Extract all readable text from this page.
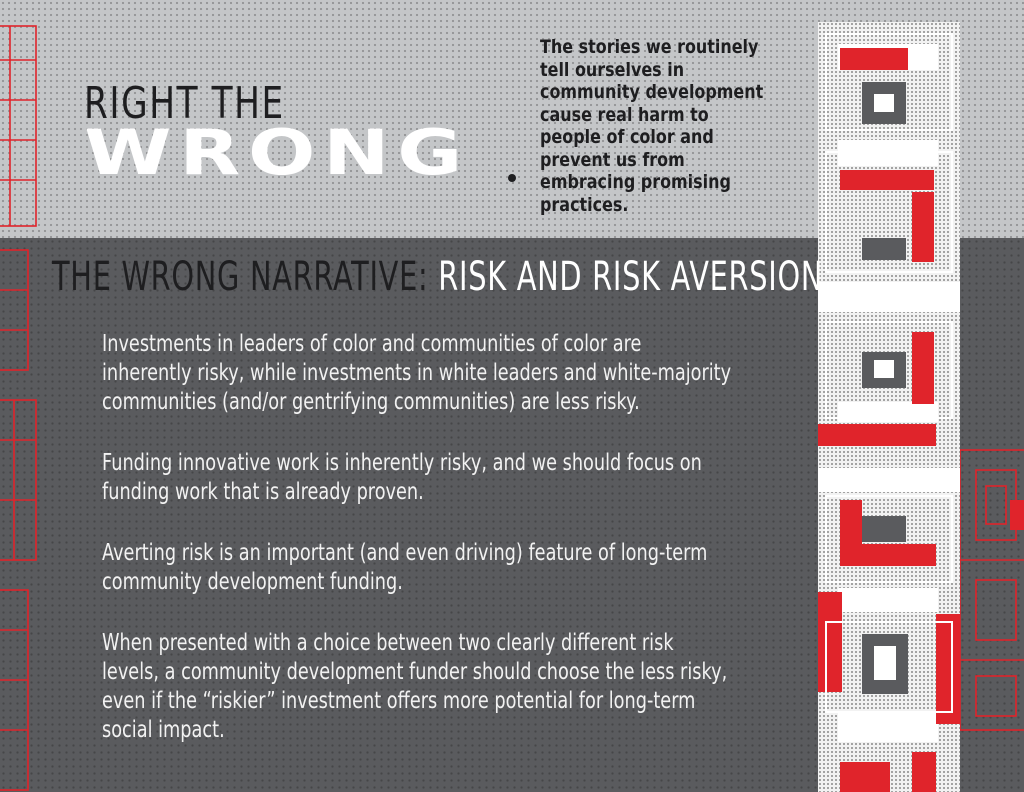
RIGHT THE
WRONG

The stories we routinely tell ourselves in community development cause real harm to people of color and prevent us from embracing promising practices.

THE WRONG NARRATIVE: RISK AND RISK AVERSION
Investments in leaders of color and communities of color are inherently risky, while investments in white leaders and white-majority communities (and/or gentrifying communities) are less risky.
Funding innovative work is inherently risky, and we should focus on funding work that is already proven.
Averting risk is an important (and even driving) feature of long-term community development funding.
When presented with a choice between two clearly different risk levels, a community development funder should choose the less risky, even if the “riskier” investment offers more potential for long-term social impact.
